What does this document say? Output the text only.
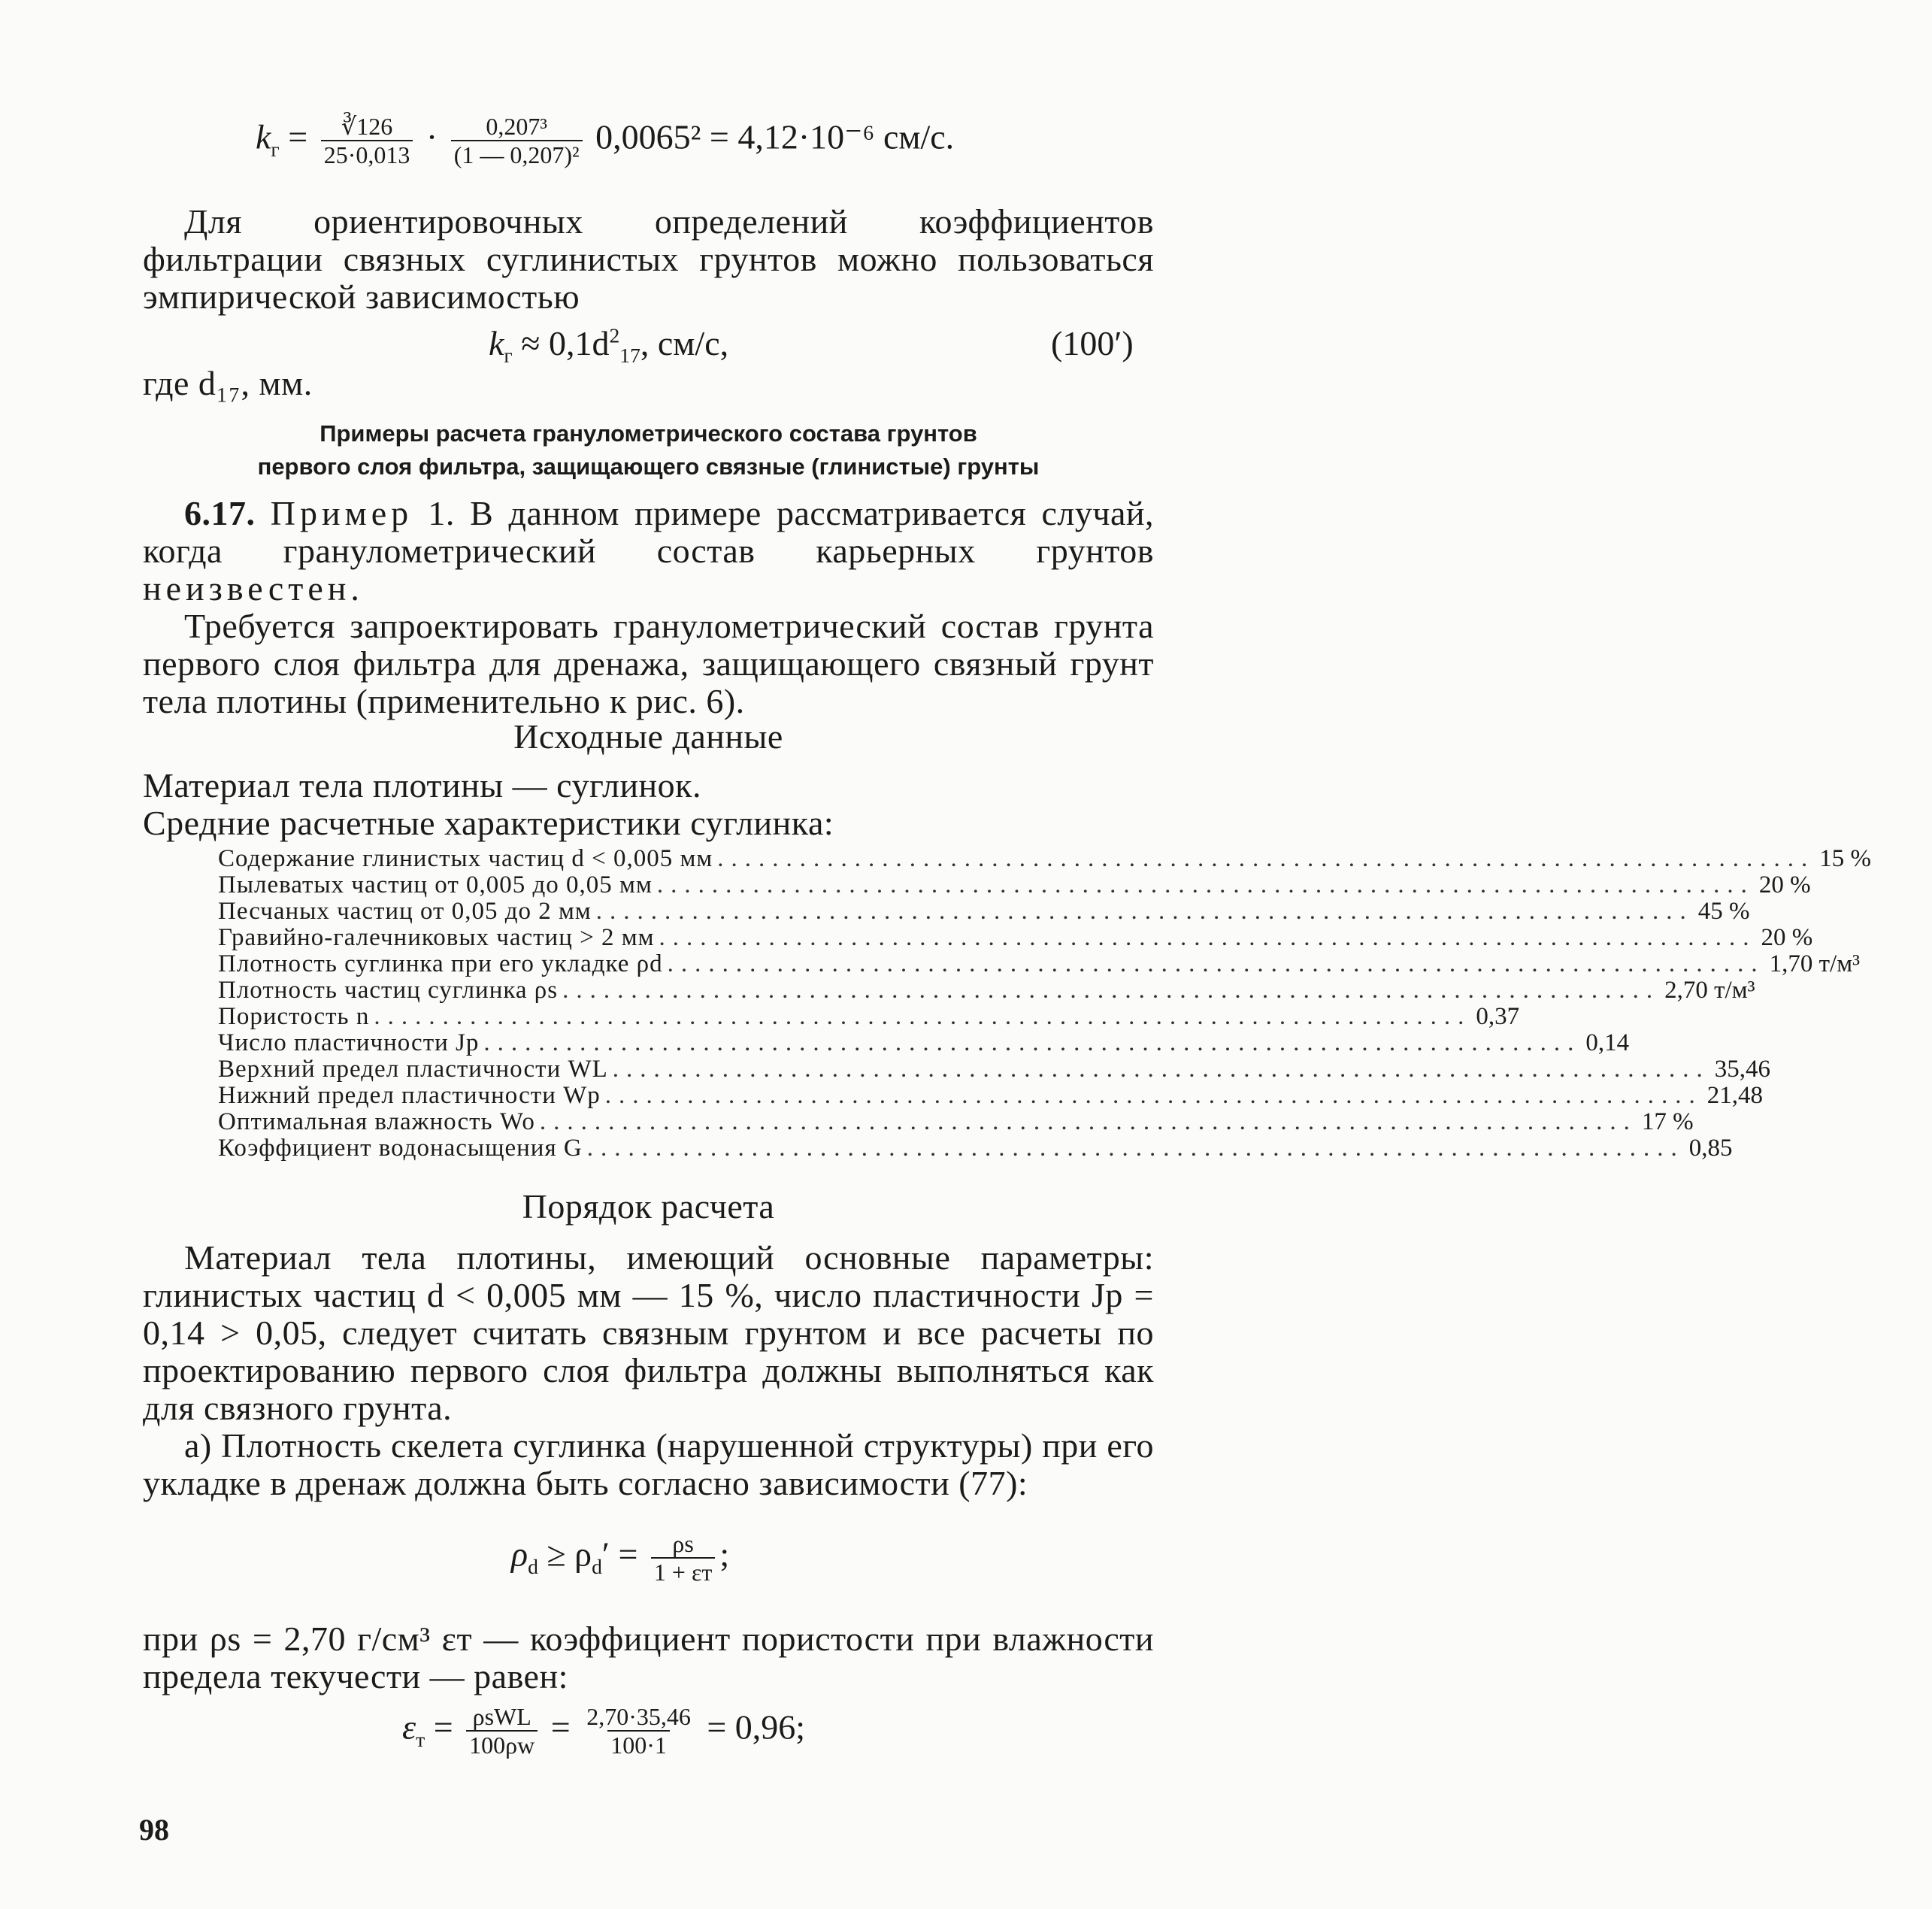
$k_г = \frac{∛126}{25\cdot 0,013} \cdot \frac{\text{0,207³}}{\text{(1 — 0,207)²}} 0,0065^2 = 4,12\cdot 10^{-6}$ см/с.
Для ориентировочных определений коэффициентов фильтрации связных суглинистых грунтов можно пользоваться эмпирической зависимостью
$k_г \approx 0,1d^2_{17}$, см/с,	(100′)
где d₁₇, мм.
Примеры расчета гранулометрического состава грунтов
первого слоя фильтра, защищающего связные (глинистые) грунты
6.17. Пример 1. В данном примере рассматривается случай, когда гранулометрический состав карьерных грунтов неизвестен.
Требуется запроектировать гранулометрический состав грунта первого слоя фильтра для дренажа, защищающего связный грунт тела плотины (применительно к рис. 6).
Исходные данные
Материал тела плотины — суглинок.
Средние расчетные характеристики суглинка:
Содержание глинистых частиц d < 0,005 мм ................................................................................ 15 %
Пылеватых частиц от 0,005 до 0,05 мм ................................................................................ 20 %
Песчаных частиц от 0,05 до 2 мм ................................................................................ 45 %
Гравийно-галечниковых частиц > 2 мм ................................................................................ 20 %
Плотность суглинка при его укладке ρd ................................................................................ 1,70 т/м³
Плотность частиц суглинка ρs ................................................................................ 2,70 т/м³
Пористость n ................................................................................ 0,37
Число пластичности Jp ................................................................................ 0,14
Верхний предел пластичности WL ................................................................................ 35,46
Нижний предел пластичности Wp ................................................................................ 21,48
Оптимальная влажность Wo ................................................................................ 17 %
Коэффициент водонасыщения G ................................................................................ 0,85
Порядок расчета
Материал тела плотины, имеющий основные параметры: глинистых частиц d < 0,005 мм — 15 %, число пластичности Jp = 0,14 > 0,05, следует считать связным грунтом и все расчеты по проектированию первого слоя фильтра должны выполняться как для связного грунта.
а) Плотность скелета суглинка (нарушенной структуры) при его укладке в дренаж должна быть согласно зависимости (77):
$\rho_d \ge \rho_d' = \frac{\rho s}{1 + \varepsilon т}$ ;
при ρs = 2,70 г/см³ εт — коэффициент пористости при влажности предела текучести — равен:
$\varepsilon_т = \frac{\text{ρsWL}}{100\rho w} = \frac{2,70\cdot 35,46}{100\cdot 1} = 0,96$;
98
